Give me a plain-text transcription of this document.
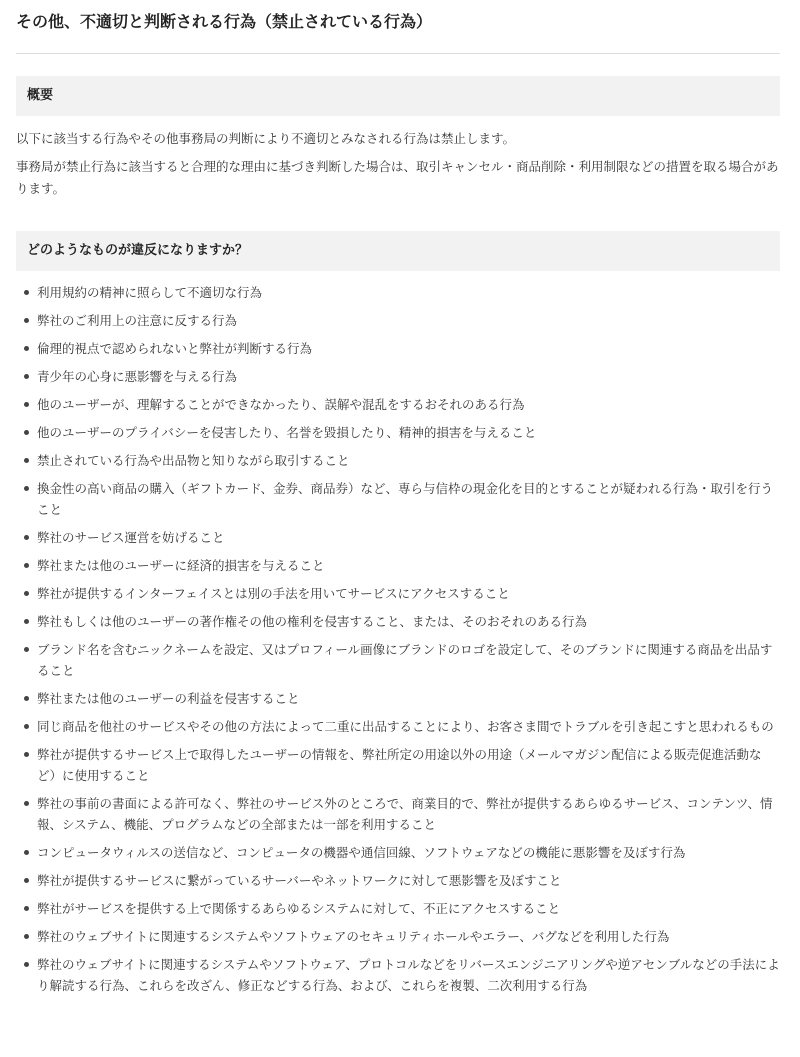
その他、不適切と判断される行為（禁止されている行為）
概要

以下に該当する行為やその他事務局の判断により不適切とみなされる行為は禁止します。

事務局が禁止行為に該当すると合理的な理由に基づき判断した場合は、取引キャンセル・商品削除・利用制限などの措置を取る場合があります。

どのようなものが違反になりますか？
利用規約の精神に照らして不適切な行為
弊社のご利用上の注意に反する行為
倫理的視点で認められないと弊社が判断する行為
青少年の心身に悪影響を与える行為
他のユーザーが、理解することができなかったり、誤解や混乱をするおそれのある行為
他のユーザーのプライバシーを侵害したり、名誉を毀損したり、精神的損害を与えること
禁止されている行為や出品物と知りながら取引すること
換金性の高い商品の購入（ギフトカード、金券、商品券）など、専ら与信枠の現金化を目的とすることが疑われる行為・取引を行うこと
弊社のサービス運営を妨げること
弊社または他のユーザーに経済的損害を与えること
弊社が提供するインターフェイスとは別の手法を用いてサービスにアクセスすること
弊社もしくは他のユーザーの著作権その他の権利を侵害すること、または、そのおそれのある行為
ブランド名を含むニックネームを設定、又はプロフィール画像にブランドのロゴを設定して、そのブランドに関連する商品を出品すること
弊社または他のユーザーの利益を侵害すること
同じ商品を他社のサービスやその他の方法によって二重に出品することにより、お客さま間でトラブルを引き起こすと思われるもの
弊社が提供するサービス上で取得したユーザーの情報を、弊社所定の用途以外の用途（メールマガジン配信による販売促進活動など）に使用すること
弊社の事前の書面による許可なく、弊社のサービス外のところで、商業目的で、弊社が提供するあらゆるサービス、コンテンツ、情報、システム、機能、プログラムなどの全部または一部を利用すること
コンピュータウィルスの送信など、コンピュータの機器や通信回線、ソフトウェアなどの機能に悪影響を及ぼす行為
弊社が提供するサービスに繋がっているサーバーやネットワークに対して悪影響を及ぼすこと
弊社がサービスを提供する上で関係するあらゆるシステムに対して、不正にアクセスすること
弊社のウェブサイトに関連するシステムやソフトウェアのセキュリティホールやエラー、バグなどを利用した行為
弊社のウェブサイトに関連するシステムやソフトウェア、プロトコルなどをリバースエンジニアリングや逆アセンブルなどの手法により解読する行為、これらを改ざん、修正などする行為、および、これらを複製、二次利用する行為
